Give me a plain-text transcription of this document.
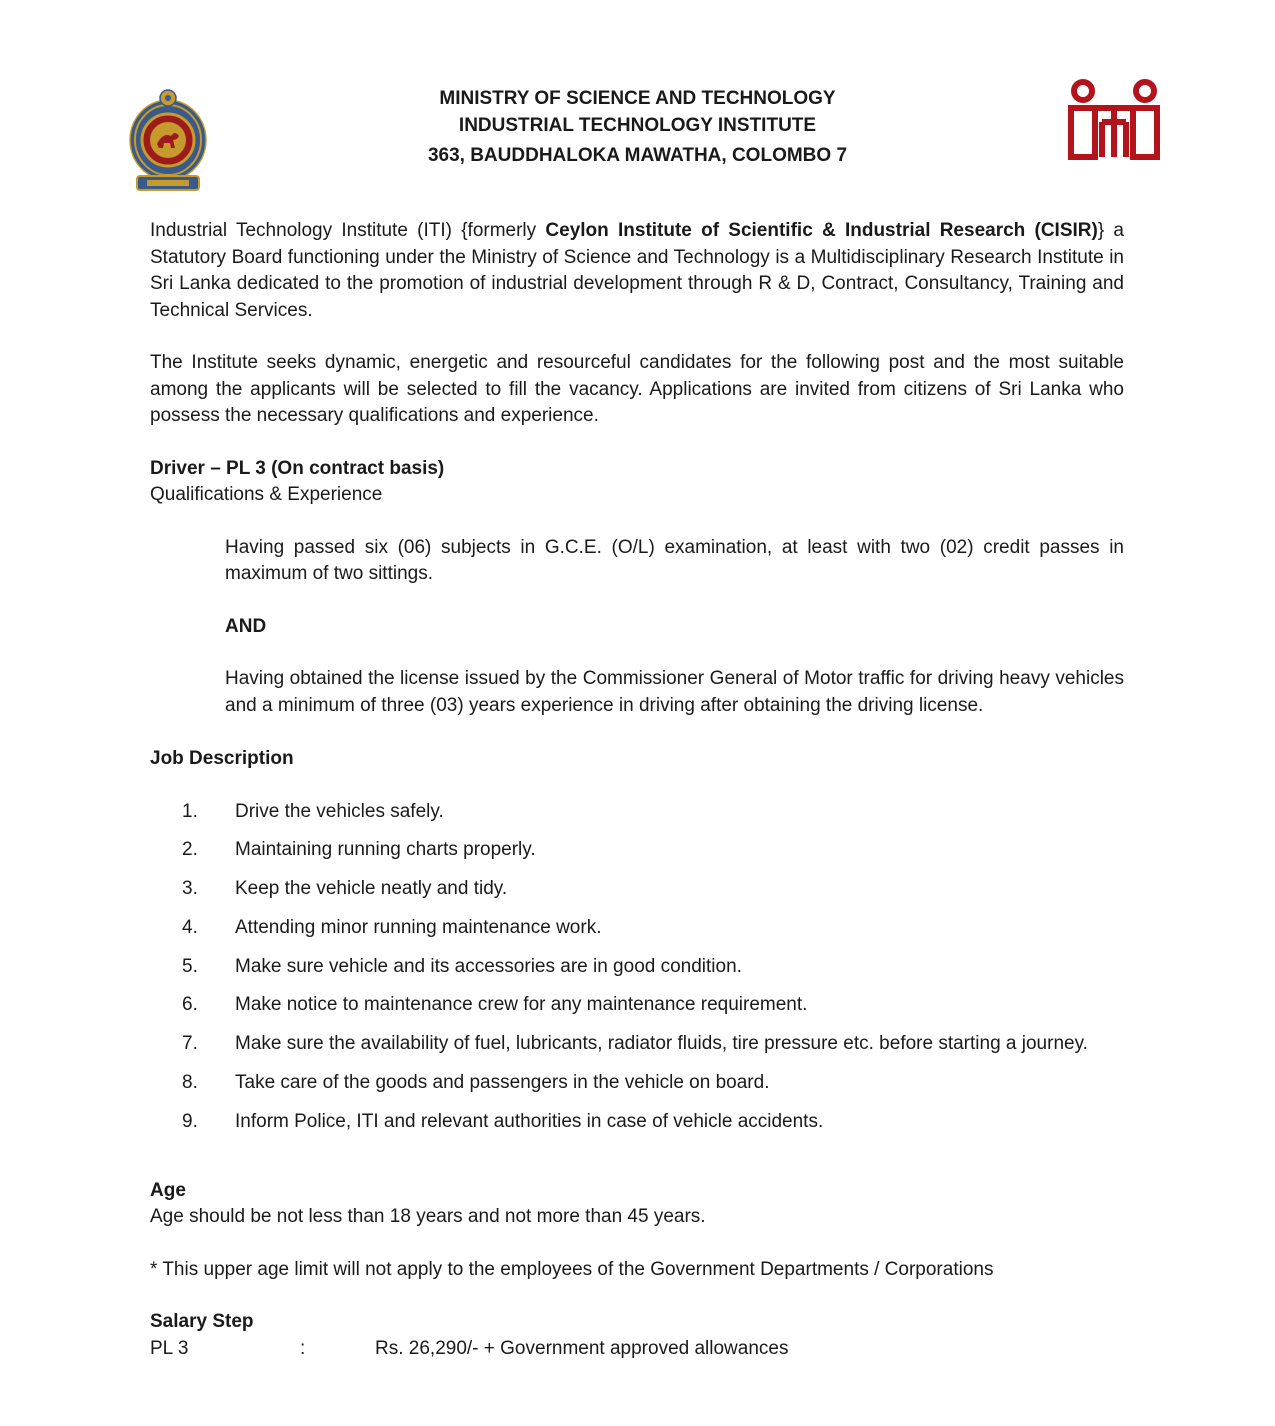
MINISTRY OF SCIENCE AND TECHNOLOGY
INDUSTRIAL TECHNOLOGY INSTITUTE
363, BAUDDHALOKA MAWATHA, COLOMBO 7

Industrial Technology Institute (ITI) {formerly Ceylon Institute of Scientific & Industrial Research (CISIR)} a Statutory Board functioning under the Ministry of Science and Technology is a Multidisciplinary Research Institute in Sri Lanka dedicated to the promotion of industrial development through R & D, Contract, Consultancy, Training and Technical Services.

The Institute seeks dynamic, energetic and resourceful candidates for the following post and the most suitable among the applicants will be selected to fill the vacancy. Applications are invited from citizens of Sri Lanka who possess the necessary qualifications and experience.

Driver – PL 3 (On contract basis)

Qualifications & Experience

Having passed six (06) subjects in G.C.E. (O/L) examination, at least with two (02) credit passes in maximum of two sittings.

AND

Having obtained the license issued by the Commissioner General of Motor traffic for driving heavy vehicles and a minimum of three (03) years experience in driving after obtaining the driving license.

Job Description

1.	Drive the vehicles safely.
2.	Maintaining running charts properly.
3.	Keep the vehicle neatly and tidy.
4.	Attending minor running maintenance work.
5.	Make sure vehicle and its accessories are in good condition.
6.	Make notice to maintenance crew for any maintenance requirement.
7.	Make sure the availability of fuel, lubricants, radiator fluids, tire pressure etc. before starting a journey.
8.	Take care of the goods and passengers in the vehicle on board.
9.	Inform Police, ITI and relevant authorities in case of vehicle accidents.

Age

Age should be not less than 18 years and not more than 45 years.

* This upper age limit will not apply to the employees of the Government Departments / Corporations

Salary Step

PL 3	:	Rs. 26,290/- + Government approved allowances
